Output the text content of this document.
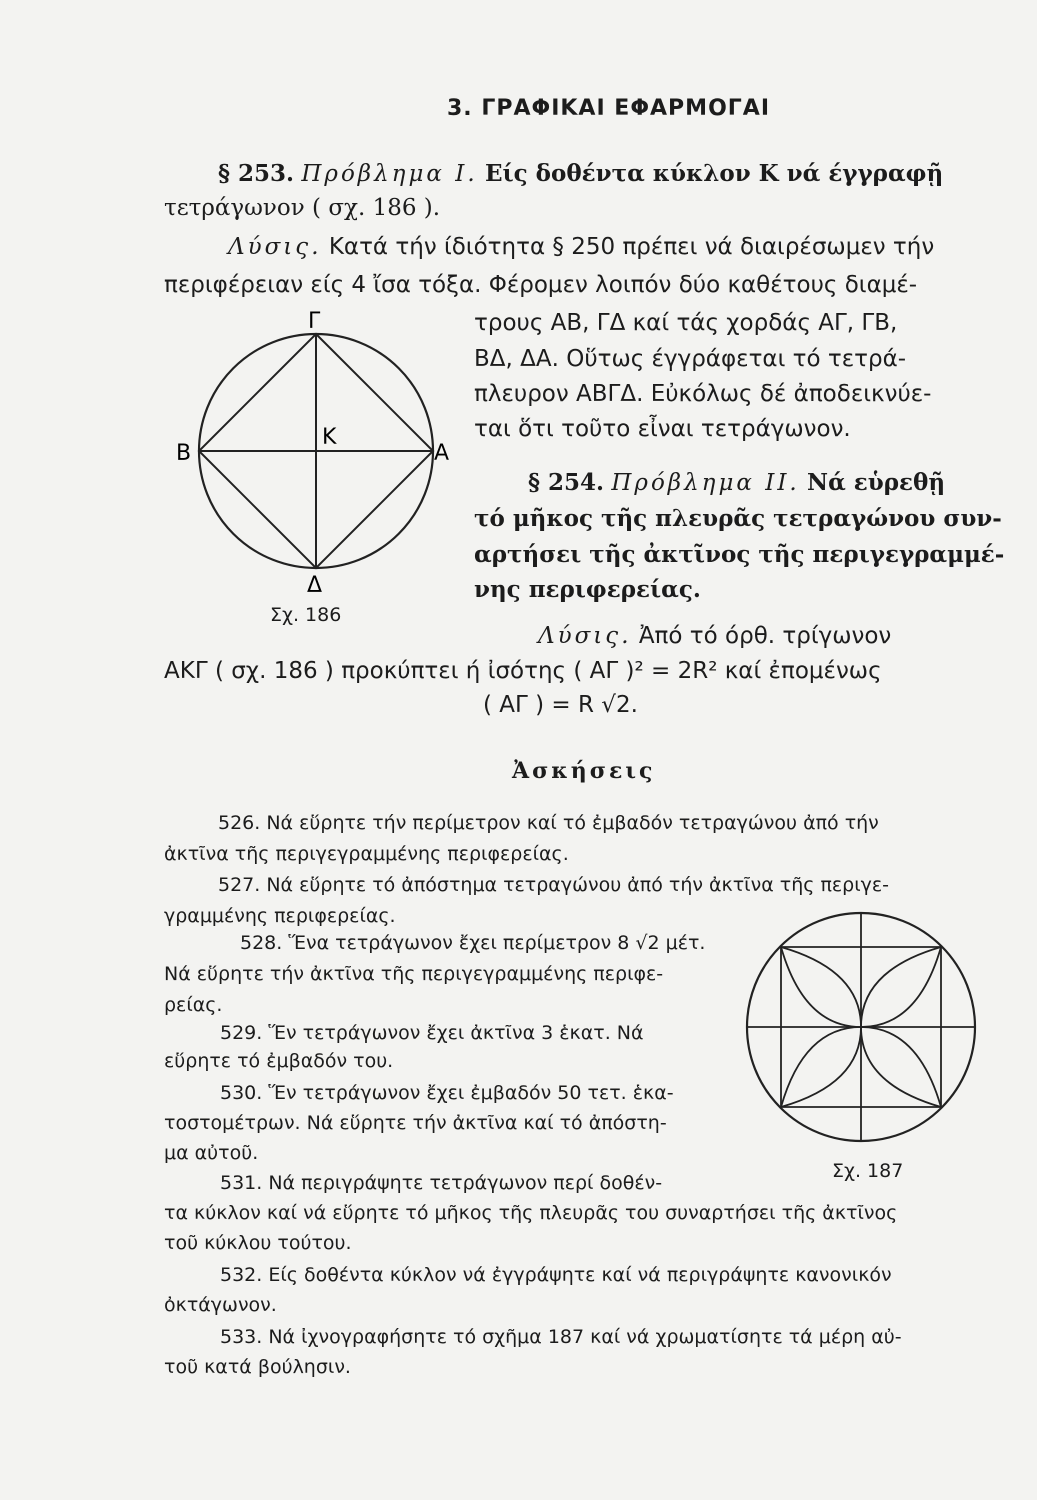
3. ΓΡΑΦΙΚΑΙ ΕΦΑΡΜΟΓΑΙ
§ 253. Πρόβλημα I. Είς δοθέντα κύκλον Κ νά έγγραφῇ
τετράγωνον ( σχ. 186 ).
Λύσις. Κατά τήν ίδιότητα § 250 πρέπει νά διαιρέσωμεν τήν
περιφέρειαν είς 4 ἴσα τόξα. Φέρομεν λοιπόν δύο καθέτους διαμέ-
τρους ΑΒ, ΓΔ καί τάς χορδάς ΑΓ, ΓΒ,
ΒΔ, ΔΑ. Οὕτως έγγράφεται τό τετρά-
πλευρον ΑΒΓΔ. Εὐκόλως δέ ἀποδεικνύε-
ται ὅτι τοῦτο εἶναι τετράγωνον.
Γ
Δ
Β	Α
Κ
Σχ. 186
§ 254. Πρόβλημα II. Νά εὑρεθῇ
τό μῆκος τῆς πλευρᾶς τετραγώνου συν-
αρτήσει τῆς ἀκτῖνος τῆς περιγεγραμμέ-
νης περιφερείας.
Λύσις. Ἀπό τό όρθ. τρίγωνον
ΑΚΓ ( σχ. 186 ) προκύπτει ή ἰσότης ( ΑΓ )² = 2R² καί ἐπομένως
( ΑΓ ) = R √2.
Ἀσκήσεις
526. Νά εὕρητε τήν περίμετρον καί τό ἐμβαδόν τετραγώνου ἀπό τήν
ἀκτῖνα τῆς περιγεγραμμένης περιφερείας.
527. Νά εὕρητε τό ἀπόστημα τετραγώνου ἀπό τήν ἀκτῖνα τῆς περιγε-
γραμμένης περιφερείας.
528. Ἕνα τετράγωνον ἔχει περίμετρον 8 √2 μέτ.
Νά εὕρητε τήν ἀκτῖνα τῆς περιγεγραμμένης περιφε-
ρείας.
529. Ἕν τετράγωνον ἔχει ἀκτῖνα 3 ἑκατ. Νά
εὕρητε τό ἐμβαδόν του.
530. Ἕν τετράγωνον ἔχει ἐμβαδόν 50 τετ. ἑκα-
τοστομέτρων. Νά εὕρητε τήν ἀκτῖνα καί τό ἀπόστη-
μα αὐτοῦ.
531. Νά περιγράψητε τετράγωνον περί δοθέν-
τα κύκλον καί νά εὕρητε τό μῆκος τῆς πλευρᾶς του συναρτήσει τῆς ἀκτῖνος
τοῦ κύκλου τούτου.
532. Είς δοθέντα κύκλον νά ἐγγράψητε καί νά περιγράψητε κανονικόν
ὀκτάγωνον.
533. Νά ἰχνογραφήσητε τό σχῆμα 187 καί νά χρωματίσητε τά μέρη αὐ-
τοῦ κατά βούλησιν.
Σχ. 187
